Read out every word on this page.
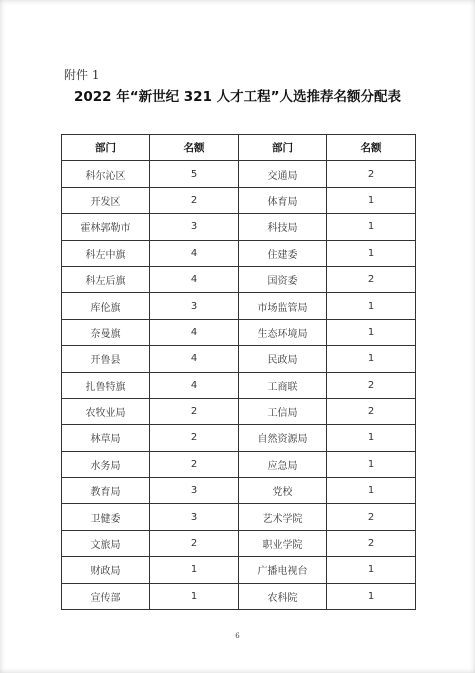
附件 1
2022 年“新世纪 321 人才工程”人选推荐名额分配表
部门	名额	部门	名额
科尔沁区	5	交通局	2
开发区	2	体育局	1
霍林郭勒市	3	科技局	1
科左中旗	4	住建委	1
科左后旗	4	国资委	2
库伦旗	3	市场监管局	1
奈曼旗	4	生态环境局	1
开鲁县	4	民政局	1
扎鲁特旗	4	工商联	2
农牧业局	2	工信局	2
林草局	2	自然资源局	1
水务局	2	应急局	1
教育局	3	党校	1
卫健委	3	艺术学院	2
文旅局	2	职业学院	2
财政局	1	广播电视台	1
宣传部	1	农科院	1
6
